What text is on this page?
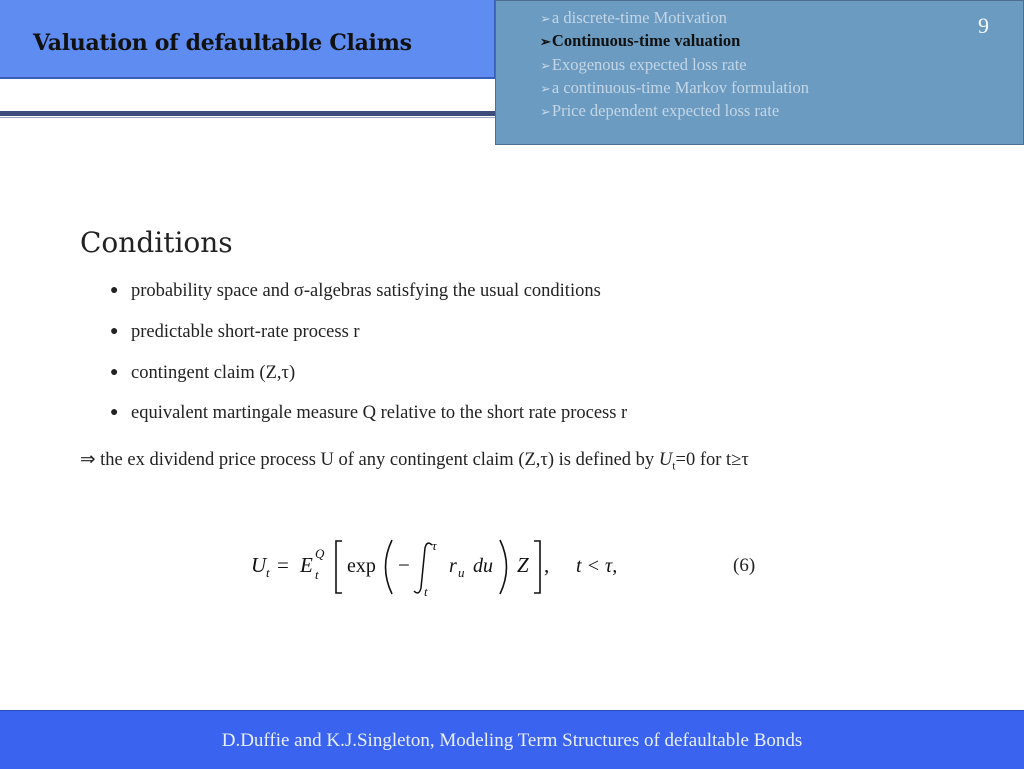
Valuation of defaultable Claims
➢a discrete-time Motivation
➢Continuous-time valuation
➢Exogenous expected loss rate
➢a continuous-time Markov formulation
➢Price dependent expected loss rate
9
Conditions
● probability space and σ-algebras satisfying the usual conditions
● predictable short-rate process r
● contingent claim (Z,τ)
● equivalent martingale measure Q relative to the short rate process r
⇒ the ex dividend price process U of any contingent claim (Z,τ) is defined by $U_t=0$ for t≥τ
U t = E Q
t exp −
τ
t
r u du Z , t < τ,	(6)
D.Duffie and K.J.Singleton, Modeling Term Structures of defaultable Bonds
